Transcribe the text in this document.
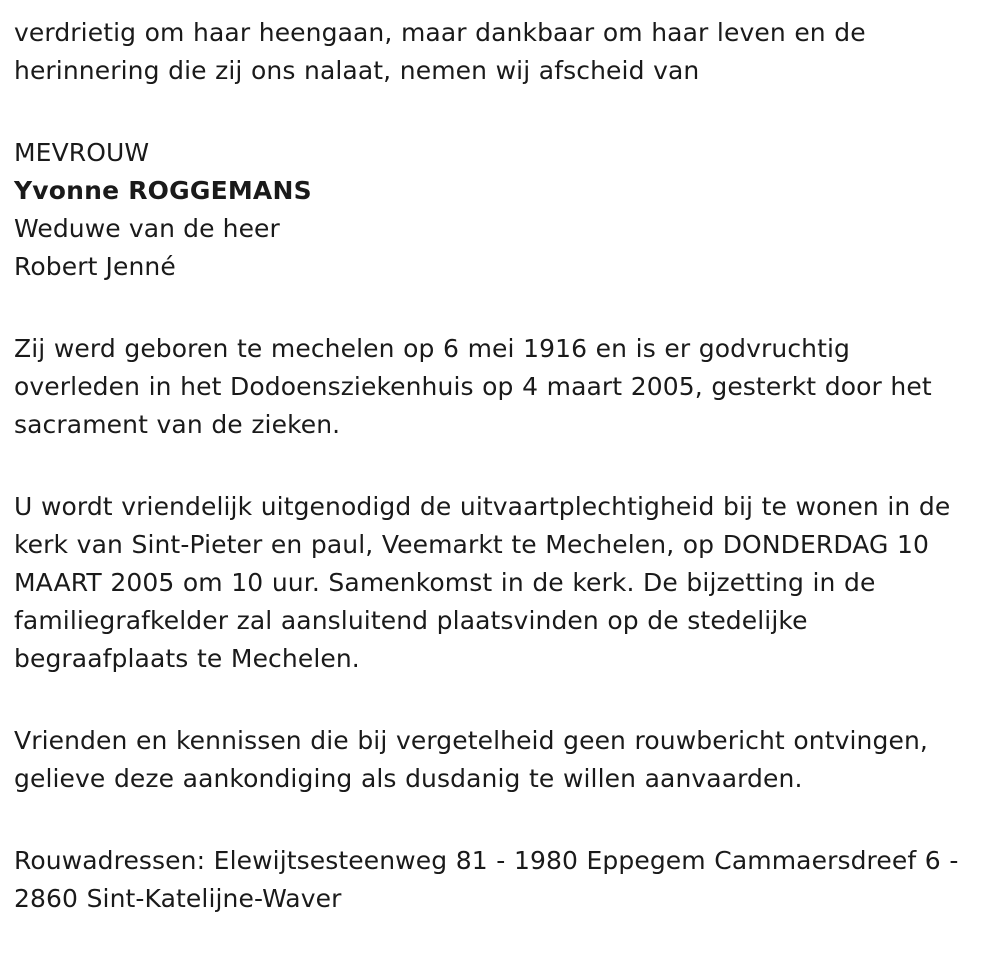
verdrietig om haar heengaan, maar dankbaar om haar leven en de herinnering die zij ons nalaat, nemen wij afscheid van

MEVROUW
Yvonne ROGGEMANS
Weduwe van de heer
Robert Jenné

Zij werd geboren te mechelen op 6 mei 1916 en is er godvruchtig overleden in het Dodoensziekenhuis op 4 maart 2005, gesterkt door het sacrament van de zieken.

U wordt vriendelijk uitgenodigd de uitvaartplechtigheid bij te wonen in de kerk van Sint-Pieter en paul, Veemarkt te Mechelen, op DONDERDAG 10 MAART 2005 om 10 uur. Samenkomst in de kerk. De bijzetting in de familiegrafkelder zal aansluitend plaatsvinden op de stedelijke begraafplaats te Mechelen.

Vrienden en kennissen die bij vergetelheid geen rouwbericht ontvingen, gelieve deze aankondiging als dusdanig te willen aanvaarden.

Rouwadressen: Elewijtsesteenweg 81 - 1980 Eppegem Cammaersdreef 6 - 2860 Sint-Katelijne-Waver
